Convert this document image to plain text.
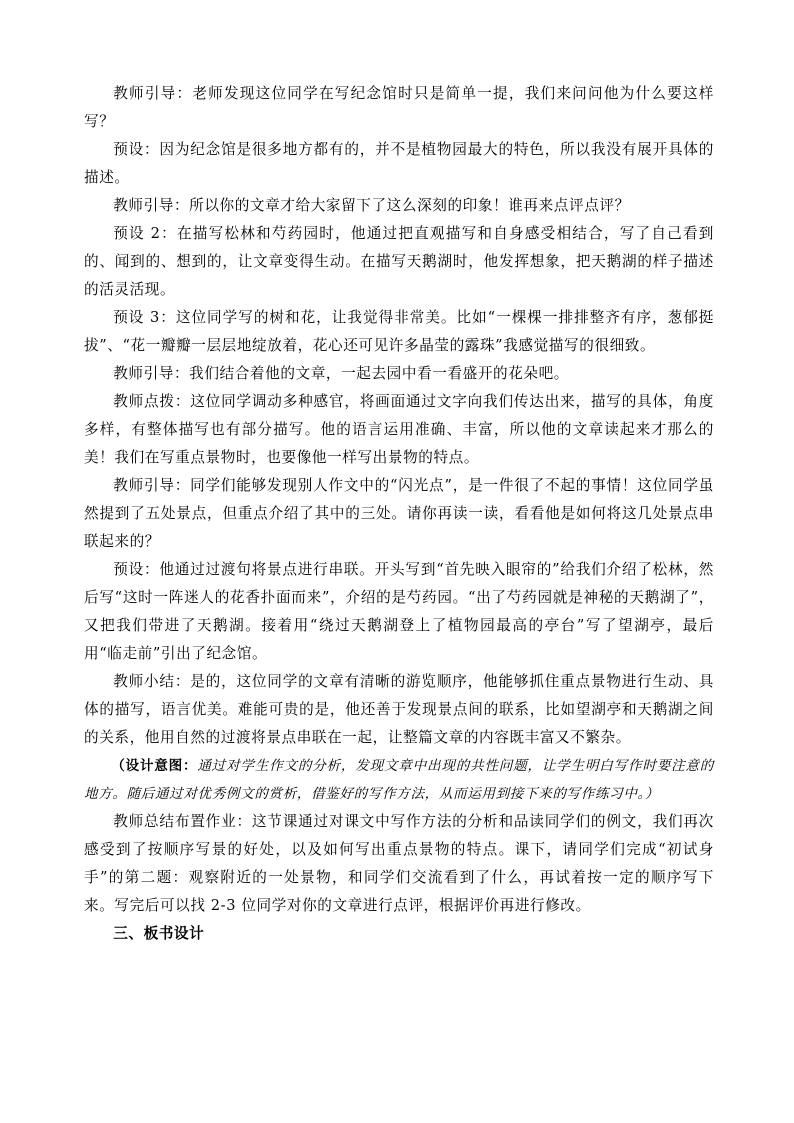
教师引导：老师发现这位同学在写纪念馆时只是简单一提，我们来问问他为什么要这样写？

预设：因为纪念馆是很多地方都有的，并不是植物园最大的特色，所以我没有展开具体的描述。

教师引导：所以你的文章才给大家留下了这么深刻的印象！谁再来点评点评？

预设 2：在描写松林和芍药园时，他通过把直观描写和自身感受相结合，写了自己看到的、闻到的、想到的，让文章变得生动。在描写天鹅湖时，他发挥想象，把天鹅湖的样子描述的活灵活现。

预设 3：这位同学写的树和花，让我觉得非常美。比如“一棵棵一排排整齐有序，葱郁挺拔”、“花一瓣瓣一层层地绽放着，花心还可见许多晶莹的露珠”我感觉描写的很细致。

教师引导：我们结合着他的文章，一起去园中看一看盛开的花朵吧。

教师点拨：这位同学调动多种感官，将画面通过文字向我们传达出来，描写的具体，角度多样，有整体描写也有部分描写。他的语言运用准确、丰富，所以他的文章读起来才那么的美！我们在写重点景物时，也要像他一样写出景物的特点。

教师引导：同学们能够发现别人作文中的“闪光点”，是一件很了不起的事情！这位同学虽然提到了五处景点，但重点介绍了其中的三处。请你再读一读，看看他是如何将这几处景点串联起来的？

预设：他通过过渡句将景点进行串联。开头写到“首先映入眼帘的”给我们介绍了松林，然后写“这时一阵迷人的花香扑面而来”，介绍的是芍药园。“出了芍药园就是神秘的天鹅湖了”，又把我们带进了天鹅湖。接着用“绕过天鹅湖登上了植物园最高的亭台”写了望湖亭，最后用“临走前”引出了纪念馆。

教师小结：是的，这位同学的文章有清晰的游览顺序，他能够抓住重点景物进行生动、具体的描写，语言优美。难能可贵的是，他还善于发现景点间的联系，比如望湖亭和天鹅湖之间的关系，他用自然的过渡将景点串联在一起，让整篇文章的内容既丰富又不繁杂。

（设计意图：通过对学生作文的分析，发现文章中出现的共性问题，让学生明白写作时要注意的地方。随后通过对优秀例文的赏析，借鉴好的写作方法，从而运用到接下来的写作练习中。）

教师总结布置作业：这节课通过对课文中写作方法的分析和品读同学们的例文，我们再次感受到了按顺序写景的好处，以及如何写出重点景物的特点。课下，请同学们完成“初试身手”的第二题：观察附近的一处景物，和同学们交流看到了什么，再试着按一定的顺序写下来。写完后可以找 2-3 位同学对你的文章进行点评，根据评价再进行修改。

三、板书设计
